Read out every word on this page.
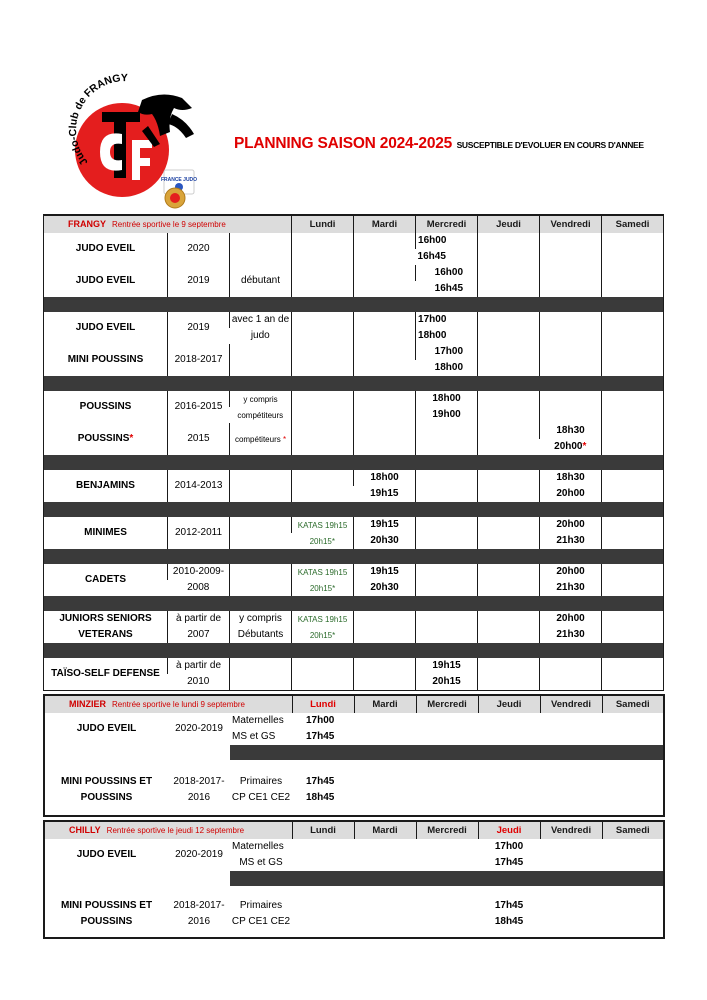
Judo-Club de FRANGY
FRANCE JUDO
PLANNING SAISON 2024-2025 SUSCEPTIBLE D'EVOLUER EN COURS D'ANNEE
FRANGY Rentrée sportive le 9 septembre			Lundi	Mardi	Mercredi	Jeudi	Vendredi	Samedi
JUDO EVEIL	2020				16h00			
					16h45			
JUDO EVEIL	2019	débutant			16h00			
					16h45			

JUDO EVEIL	2019	avec 1 an de			17h00			
		judo			18h00			
MINI POUSSINS	2018-2017				17h00			
					18h00			

POUSSINS	2016-2015	y compris			18h00			
		compétiteurs			19h00			
POUSSINS*	2015	compétiteurs *					18h30	
							20h00*	

BENJAMINS	2014-2013			18h00			18h30	
				19h15			20h00	

MINIMES	2012-2011		KATAS 19h15	19h15			20h00	
			20h15*	20h30			21h30	

CADETS	2010-2009-		KATAS 19h15	19h15			20h00	
	2008		20h15*	20h30			21h30	

JUNIORS SENIORS	à partir de	y compris	KATAS 19h15				20h00	
VETERANS	2007	Débutants	20h15*				21h30	

TAÏSO-SELF DEFENSE	à partir de				19h15			
	2010				20h15			
MINZIER Rentrée sportive le lundi 9 septembre			Lundi	Mardi	Mercredi	Jeudi	Vendredi	Samedi
JUDO EVEIL	2020-2019	Maternelles	17h00					
		MS et GS	17h45					

MINI POUSSINS ET	2018-2017-	Primaires	17h45					
POUSSINS	2016	CP CE1 CE2	18h45					

CHILLY Rentrée sportive le jeudi 12 septembre			Lundi	Mardi	Mercredi	Jeudi	Vendredi	Samedi
JUDO EVEIL	2020-2019	Maternelles				17h00		
		MS et GS				17h45		

MINI POUSSINS ET	2018-2017-	Primaires				17h45		
POUSSINS	2016	CP CE1 CE2				18h45		
